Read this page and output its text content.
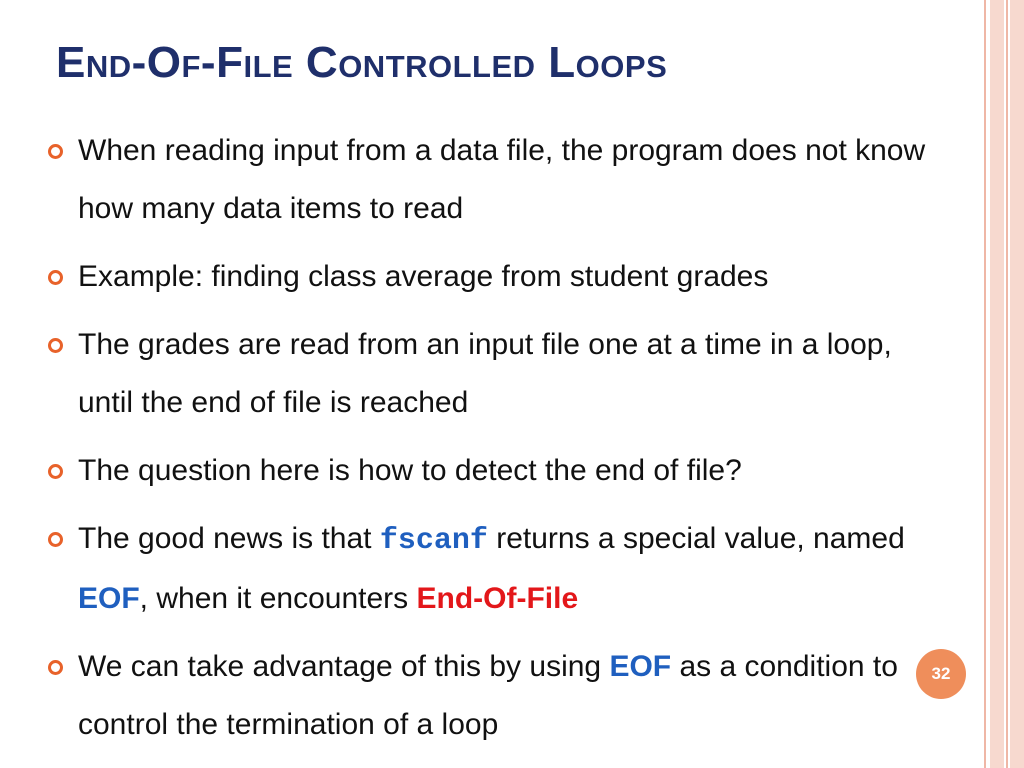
End-Of-File Controlled Loops
When reading input from a data file, the program does not know how many data items to read
Example: finding class average from student grades
The grades are read from an input file one at a time in a loop, until the end of file is reached
The question here is how to detect the end of file?
The good news is that fscanf returns a special value, named EOF, when it encounters End-Of-File
We can take advantage of this by using EOF as a condition to control the termination of a loop
32
